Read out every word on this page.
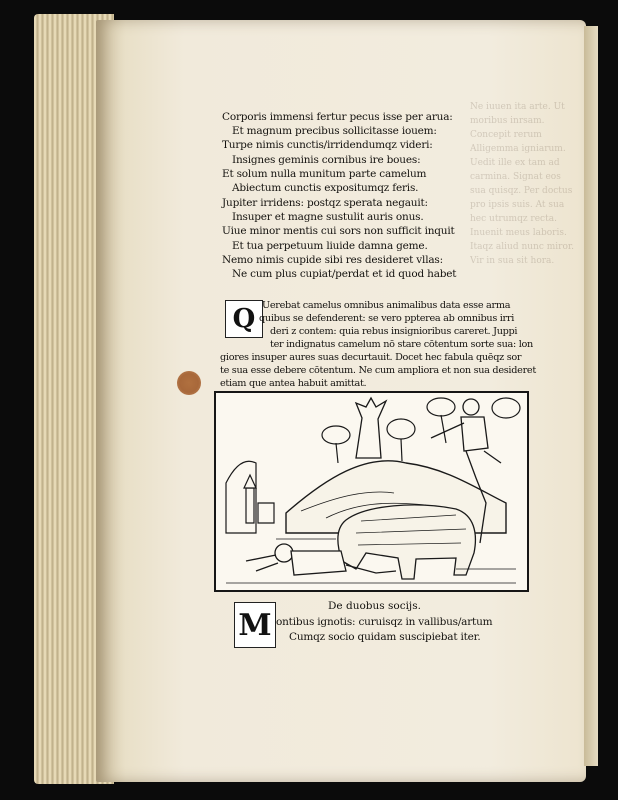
Ne iuuen ita arte. Ut moribus inrsam. Concepit rerum Alligemma igniarum. Uedit ille ex tam ad carmina. Signat eos sua quisqz. Per doctus pro ipsis suis. At sua hec utrumqz recta. Inuenit meus laboris. Itaqz aliud nunc miror. Vir in sua sit hora.
Corporis immensi fertur pecus isse per arua:
Et magnum precibus sollicitasse iouem:
Turpe nimis cunctis/irridendumqz videri:
Insignes geminis cornibus ire boues:
Et solum nulla munitum parte camelum
Abiectum cunctis expositumqz feris.
Jupiter irridens: postqz sperata negauit:
Insuper et magne sustulit auris onus.
Uiue minor mentis cui sors non sufficit inquit
Et tua perpetuum liuide damna geme.
Nemo nimis cupide sibi res desideret vllas:
Ne cum plus cupiat/perdat et id quod habet
Q Uerebat camelus omnibus animalibus data esse arma
quibus se defenderent: se vero ppterea ab omnibus irri
deri z contem: quia rebus insignioribus careret. Juppi
ter indignatus camelum nō stare cōtentum sorte sua: lon
giores insuper aures suas decurtauit. Docet hec fabula quēqz sor
te sua esse debere cōtentum. Ne cum ampliora et non sua desideret
etiam que antea habuit amittat.
De duobus socijs.
M ontibus ignotis: curuisqz in vallibus/artum
Cumqz socio quidam suscipiebat iter.
